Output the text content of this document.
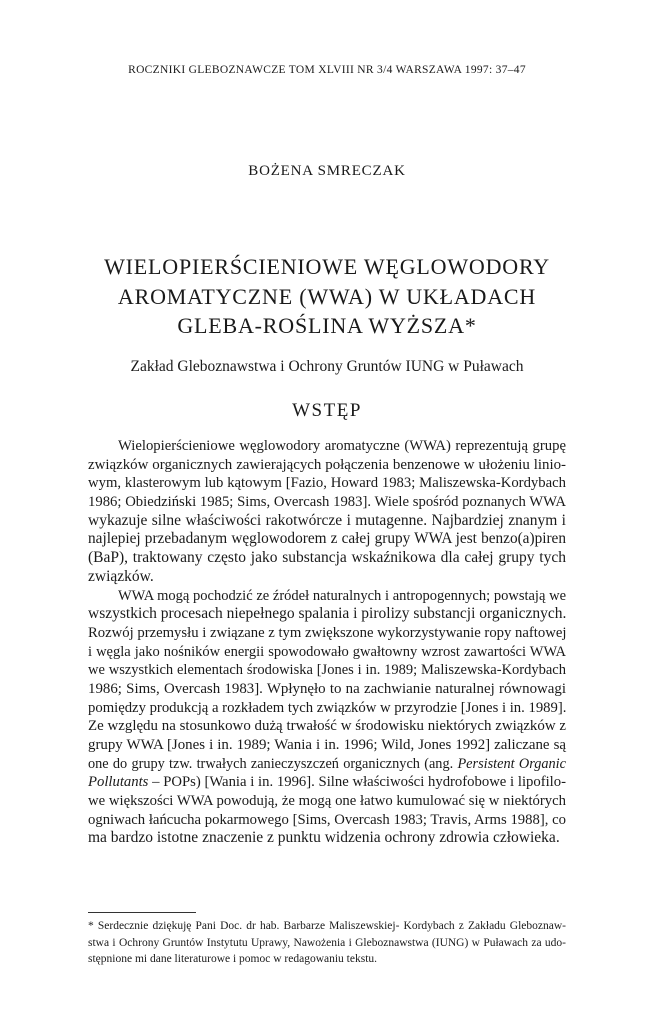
ROCZNIKI GLEBOZNAWCZE TOM XLVIII NR 3/4 WARSZAWA 1997: 37–47
BOŻENA SMRECZAK
WIELOPIERŚCIENIOWE WĘGLOWODORY
AROMATYCZNE (WWA) W UKŁADACH
GLEBA-ROŚLINA WYŻSZA*
Zakład Gleboznawstwa i Ochrony Gruntów IUNG w Puławach
WSTĘP
Wielopierścieniowe węglowodory aromatyczne (WWA) reprezentują grupę
związków organicznych zawierających połączenia benzenowe w ułożeniu linio-
wym, klasterowym lub kątowym [Fazio, Howard 1983; Maliszewska-Kordybach
1986; Obiedziński 1985; Sims, Overcash 1983]. Wiele spośród poznanych WWA
wykazuje silne właściwości rakotwórcze i mutagenne. Najbardziej znanym i
najlepiej przebadanym węglowodorem z całej grupy WWA jest benzo(a)piren
(BaP), traktowany często jako substancja wskaźnikowa dla całej grupy tych
związków.
WWA mogą pochodzić ze źródeł naturalnych i antropogennych; powstają we
wszystkich procesach niepełnego spalania i pirolizy substancji organicznych.
Rozwój przemysłu i związane z tym zwiększone wykorzystywanie ropy naftowej
i węgla jako nośników energii spowodowało gwałtowny wzrost zawartości WWA
we wszystkich elementach środowiska [Jones i in. 1989; Maliszewska-Kordybach
1986; Sims, Overcash 1983]. Wpłynęło to na zachwianie naturalnej równowagi
pomiędzy produkcją a rozkładem tych związków w przyrodzie [Jones i in. 1989].
Ze względu na stosunkowo dużą trwałość w środowisku niektórych związków z
grupy WWA [Jones i in. 1989; Wania i in. 1996; Wild, Jones 1992] zaliczane są
one do grupy tzw. trwałych zanieczyszczeń organicznych (ang. Persistent Organic
Pollutants – POPs) [Wania i in. 1996]. Silne właściwości hydrofobowe i lipofilo-
we większości WWA powodują, że mogą one łatwo kumulować się w niektórych
ogniwach łańcucha pokarmowego [Sims, Overcash 1983; Travis, Arms 1988], co
ma bardzo istotne znaczenie z punktu widzenia ochrony zdrowia człowieka.
* Serdecznie dziękuję Pani Doc. dr hab. Barbarze Maliszewskiej- Kordybach z Zakładu Gleboznaw-
stwa i Ochrony Gruntów Instytutu Uprawy, Nawożenia i Gleboznawstwa (IUNG) w Puławach za udo-
stępnione mi dane literaturowe i pomoc w redagowaniu tekstu.
